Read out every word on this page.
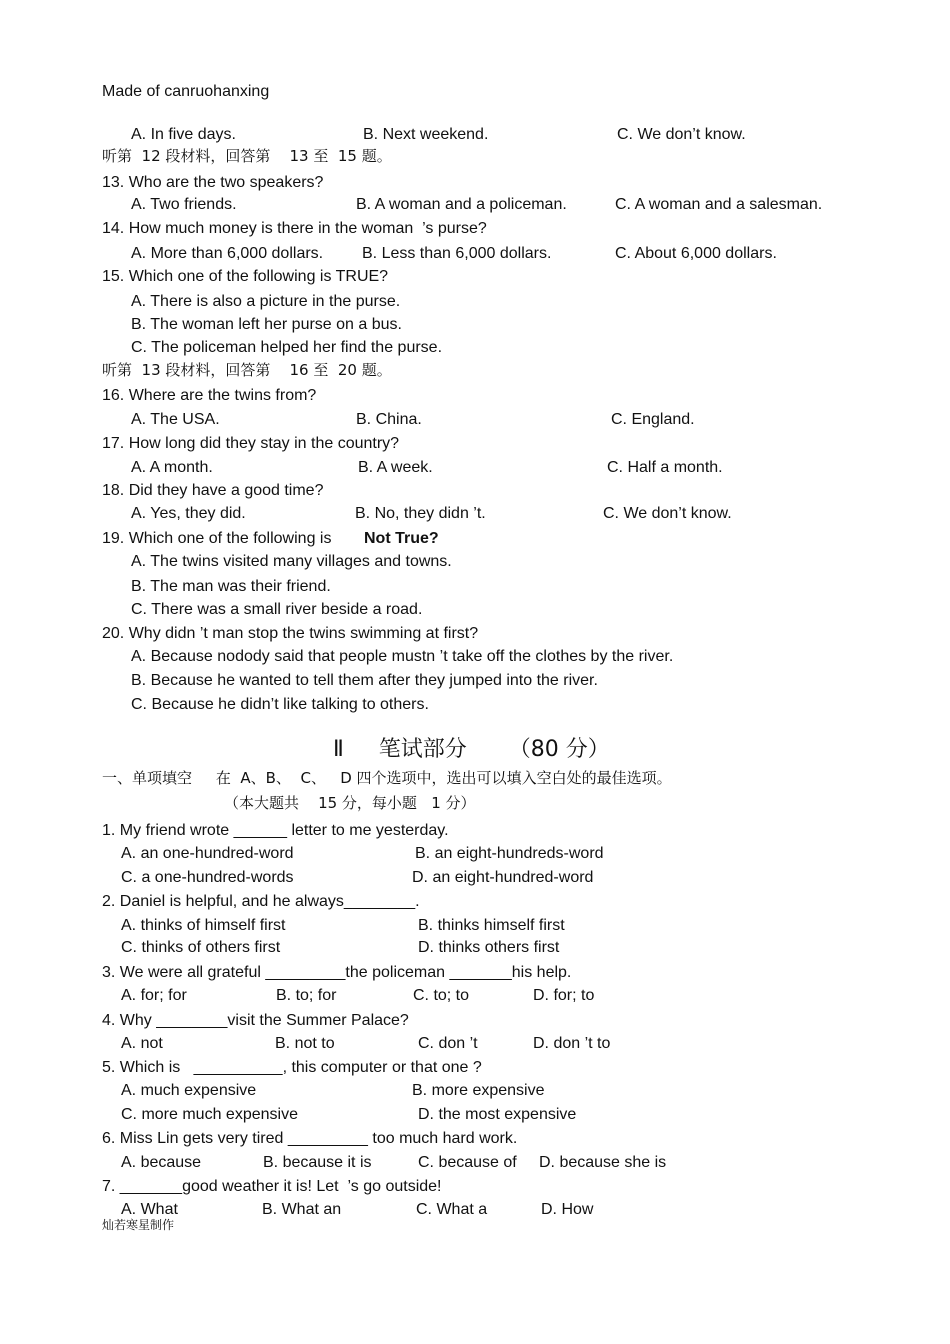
Made of canruohanxing
A. In five days.	B. Next weekend.	C. We don’t know.
听第  12 段材料，回答第    13 至  15 题。
13. Who are the two speakers?
A. Two friends.	B. A woman and a policeman.	C. A woman and a salesman.
14. How much money is there in the woman  ’s purse?
A. More than 6,000 dollars. B. Less than 6,000 dollars.	C. About 6,000 dollars.
15. Which one of the following is TRUE?
A. There is also a picture in the purse.
B. The woman left her purse on a bus.
C. The policeman helped her find the purse.
听第  13 段材料，回答第    16 至  20 题。
16. Where are the twins from?
A. The USA.	B. China.	C. England.
17. How long did they stay in the country?
A. A month.	B. A week.	C. Half a month.
18. Did they have a good time?
A. Yes, they did.	B. No, they didn ’t.	C. We don’t know.
19. Which one of the following is Not True?
A. The twins visited many villages and towns.
B. The man was their friend.
C. There was a small river beside a road.
20. Why didn ’t man stop the twins swimming at first?
A. Because nodody said that people mustn ’t take off the clothes by the river.
B. Because he wanted to tell them after they jumped into the river.
C. Because he didn’t like talking to others.
Ⅱ     笔试部分      （80 分）
一、单项填空     在  A、B、  C、   D 四个选项中，选出可以填入空白处的最佳选项。
（本大题共    15 分，每小题   1 分）
1. My friend wrote ______ letter to me yesterday.
A. an one-hundred-word	B. an eight-hundreds-word
C. a one-hundred-words	D. an eight-hundred-word
2. Daniel is helpful, and he always________.
A. thinks of himself first	B. thinks himself first
C. thinks of others first	D. thinks others first
3. We were all grateful _________the policeman _______his help.
A. for; for	B. to; for	C. to; to	D. for; to
4. Why ________visit the Summer Palace?
A. not	B. not to	C. don ’t	D. don ’t to
5. Which is   __________, this computer or that one ?
A. much expensive	B. more expensive
C. more much expensive	D. the most expensive
6. Miss Lin gets very tired _________ too much hard work.
A. because	B. because it is	C. because of D. because she is
7. _______good weather it is! Let  ’s go outside!
A. What	B. What an	C. What a	D. How
灿若寒星制作
